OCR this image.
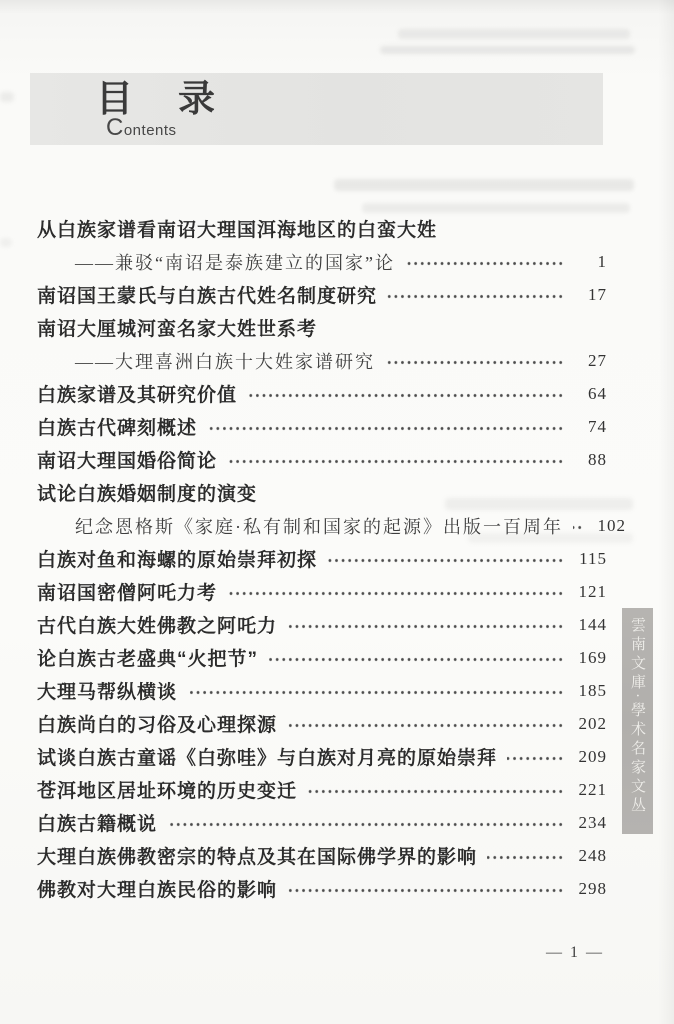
目　录
Contents
从白族家谱看南诏大理国洱海地区的白蛮大姓
——兼驳“南诏是泰族建立的国家”论	1
南诏国王蒙氏与白族古代姓名制度研究	17
南诏大厘城河蛮名家大姓世系考
——大理喜洲白族十大姓家谱研究	27
白族家谱及其研究价值	64
白族古代碑刻概述	74
南诏大理国婚俗简论	88
试论白族婚姻制度的演变
纪念恩格斯《家庭·私有制和国家的起源》出版一百周年	102
白族对鱼和海螺的原始崇拜初探	115
南诏国密僧阿吒力考	121
古代白族大姓佛教之阿吒力	144
论白族古老盛典“火把节”	169
大理马帮纵横谈	185
白族尚白的习俗及心理探源	202
试谈白族古童谣《白弥哇》与白族对月亮的原始崇拜	209
苍洱地区居址环境的历史变迁	221
白族古籍概说	234
大理白族佛教密宗的特点及其在国际佛学界的影响	248
佛教对大理白族民俗的影响	298
雲南文庫·學术名家文丛
— 1 —
